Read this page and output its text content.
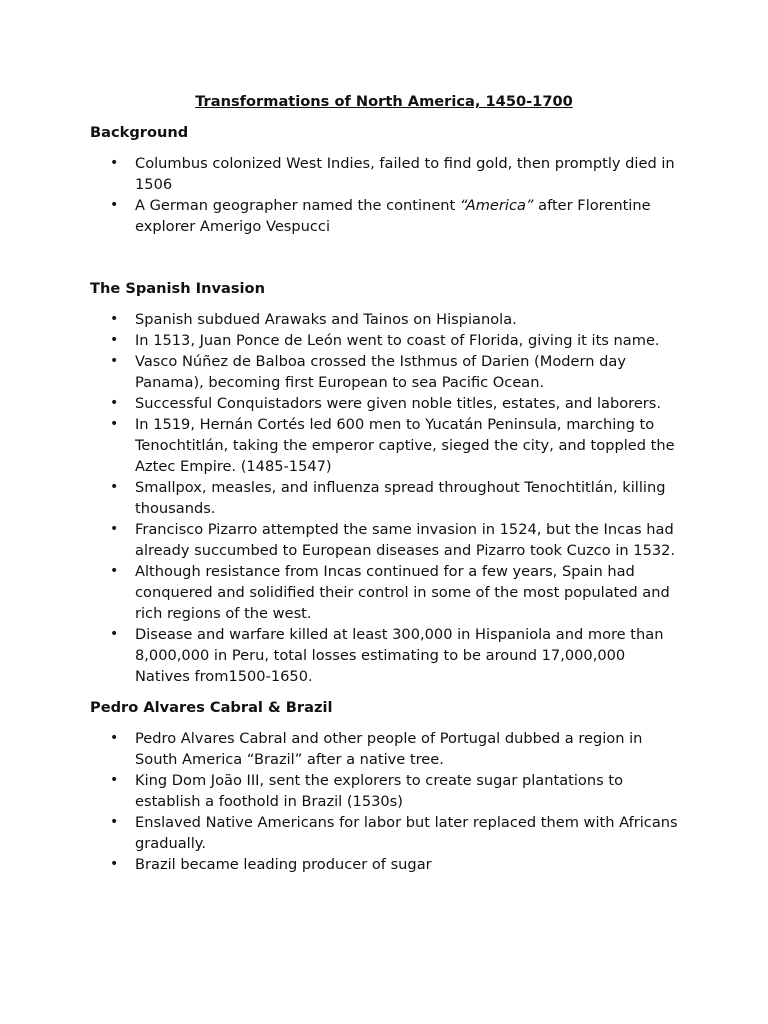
Transformations of North America, 1450-1700
Background
• Columbus colonized West Indies, failed to find gold, then promptly died in 1506
• A German geographer named the continent “America” after Florentine explorer Amerigo Vespucci
The Spanish Invasion
• Spanish subdued Arawaks and Tainos on Hispianola.
• In 1513, Juan Ponce de León went to coast of Florida, giving it its name.
• Vasco Núñez de Balboa crossed the Isthmus of Darien (Modern day Panama), becoming first European to sea Pacific Ocean.
• Successful Conquistadors were given noble titles, estates, and laborers.
• In 1519, Hernán Cortés led 600 men to Yucatán Peninsula, marching to Tenochtitlán, taking the emperor captive, sieged the city, and toppled the Aztec Empire. (1485-1547)
• Smallpox, measles, and influenza spread throughout Tenochtitlán, killing thousands.
• Francisco Pizarro attempted the same invasion in 1524, but the Incas had already succumbed to European diseases and Pizarro took Cuzco in 1532.
• Although resistance from Incas continued for a few years, Spain had conquered and solidified their control in some of the most populated and rich regions of the west.
• Disease and warfare killed at least 300,000 in Hispaniola and more than 8,000,000 in Peru, total losses estimating to be around 17,000,000 Natives from1500-1650.
Pedro Alvares Cabral & Brazil
• Pedro Alvares Cabral and other people of Portugal dubbed a region in South America “Brazil” after a native tree.
• King Dom João III, sent the explorers to create sugar plantations to establish a foothold in Brazil (1530s)
• Enslaved Native Americans for labor but later replaced them with Africans gradually.
• Brazil became leading producer of sugar
